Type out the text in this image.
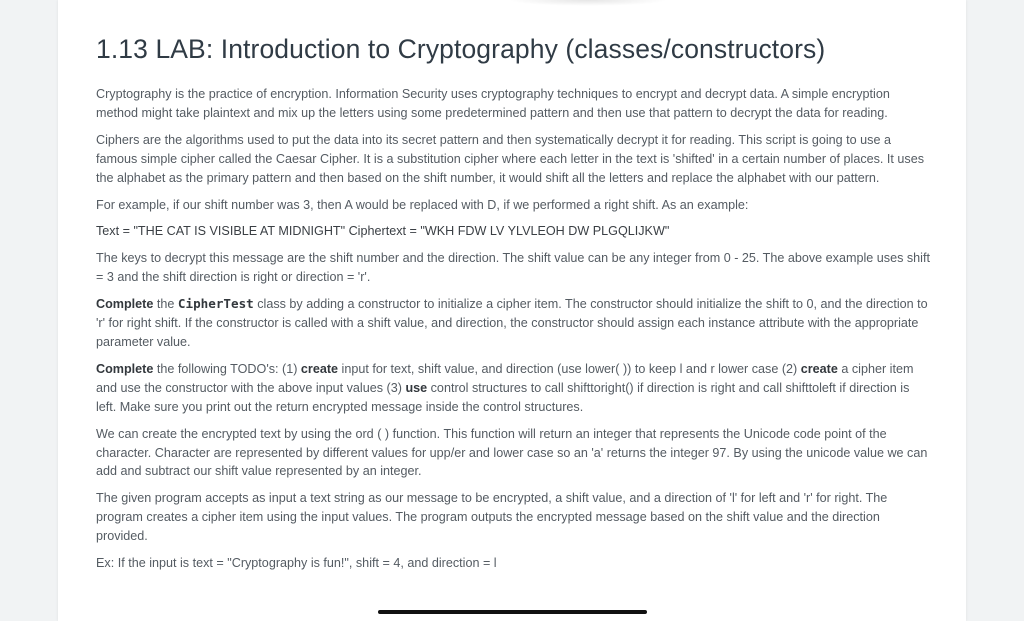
1.13 LAB: Introduction to Cryptography (classes/constructors)

Cryptography is the practice of encryption. Information Security uses cryptography techniques to encrypt and decrypt data. A simple encryption method might take plaintext and mix up the letters using some predetermined pattern and then use that pattern to decrypt the data for reading.

Ciphers are the algorithms used to put the data into its secret pattern and then systematically decrypt it for reading. This script is going to use a famous simple cipher called the Caesar Cipher. It is a substitution cipher where each letter in the text is 'shifted' in a certain number of places. It uses the alphabet as the primary pattern and then based on the shift number, it would shift all the letters and replace the alphabet with our pattern.

For example, if our shift number was 3, then A would be replaced with D, if we performed a right shift. As an example:

Text = "THE CAT IS VISIBLE AT MIDNIGHT" Ciphertext = "WKH FDW LV YLVLEOH DW PLGQLIJKW"

The keys to decrypt this message are the shift number and the direction. The shift value can be any integer from 0 - 25. The above example uses shift = 3 and the shift direction is right or direction = 'r'.

Complete the CipherTest class by adding a constructor to initialize a cipher item. The constructor should initialize the shift to 0, and the direction to 'r' for right shift. If the constructor is called with a shift value, and direction, the constructor should assign each instance attribute with the appropriate parameter value.

Complete the following TODO's: (1) create input for text, shift value, and direction (use lower( )) to keep l and r lower case (2) create a cipher item and use the constructor with the above input values (3) use control structures to call shifttoright() if direction is right and call shifttoleft if direction is left. Make sure you print out the return encrypted message inside the control structures.

We can create the encrypted text by using the ord ( ) function. This function will return an integer that represents the Unicode code point of the character. Character are represented by different values for upp/er and lower case so an 'a' returns the integer 97. By using the unicode value we can add and subtract our shift value represented by an integer.

The given program accepts as input a text string as our message to be encrypted, a shift value, and a direction of 'l' for left and 'r' for right. The program creates a cipher item using the input values. The program outputs the encrypted message based on the shift value and the direction provided.

Ex: If the input is text = "Cryptography is fun!", shift = 4, and direction = l
